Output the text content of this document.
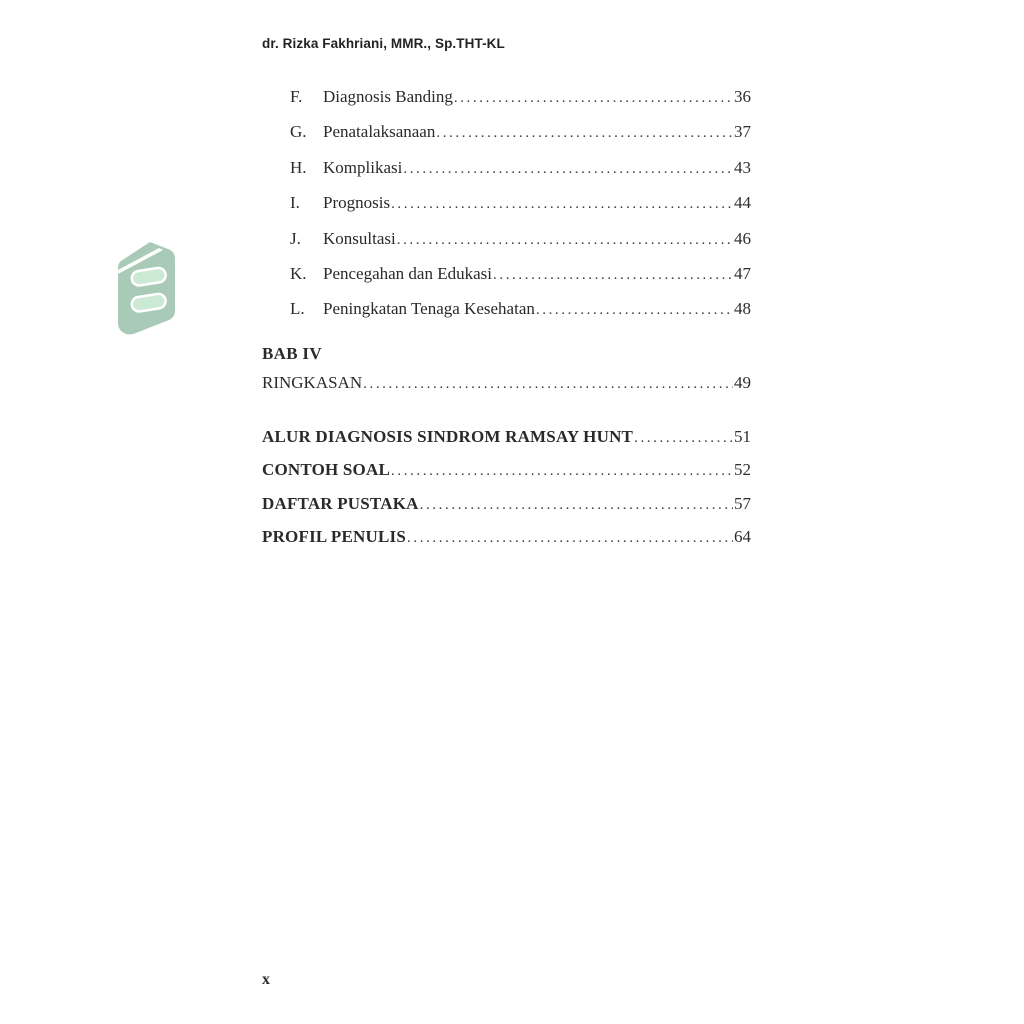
dr. Rizka Fakhriani, MMR., Sp.THT-KL
F.	Diagnosis Banding .....	36
G. Penatalaksanaan .....	37
H. Komplikasi .....	43
I.	Prognosis .....	44
J.	Konsultasi .....	46
K. Pencegahan dan Edukasi .....	47
L.	Peningkatan Tenaga Kesehatan .....	48
BAB IV
RINGKASAN .....	49
ALUR DIAGNOSIS SINDROM RAMSAY HUNT .....	51
CONTOH SOAL .....	52
DAFTAR PUSTAKA .....	57
PROFIL PENULIS .....	64
x
